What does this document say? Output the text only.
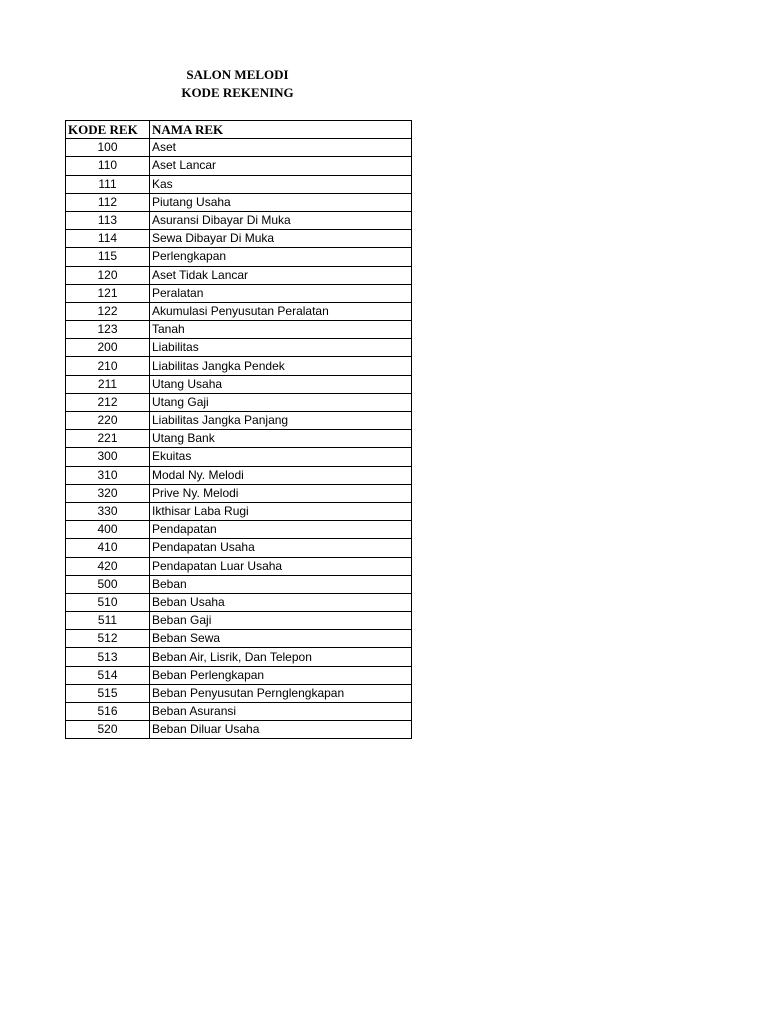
SALON MELODI
KODE REKENING
KODE REK	NAMA REK
100	Aset
110	Aset Lancar
111	Kas
112	Piutang Usaha
113	Asuransi Dibayar Di Muka
114	Sewa Dibayar Di Muka
115	Perlengkapan
120	Aset Tidak Lancar
121	Peralatan
122	Akumulasi Penyusutan Peralatan
123	Tanah
200	Liabilitas
210	Liabilitas Jangka Pendek
211	Utang Usaha
212	Utang Gaji
220	Liabilitas Jangka Panjang
221	Utang Bank
300	Ekuitas
310	Modal Ny. Melodi
320	Prive Ny. Melodi
330	Ikthisar Laba Rugi
400	Pendapatan
410	Pendapatan Usaha
420	Pendapatan Luar Usaha
500	Beban
510	Beban Usaha
511	Beban Gaji
512	Beban Sewa
513	Beban Air, Lisrik, Dan Telepon
514	Beban Perlengkapan
515	Beban Penyusutan Pernglengkapan
516	Beban Asuransi
520	Beban Diluar Usaha
